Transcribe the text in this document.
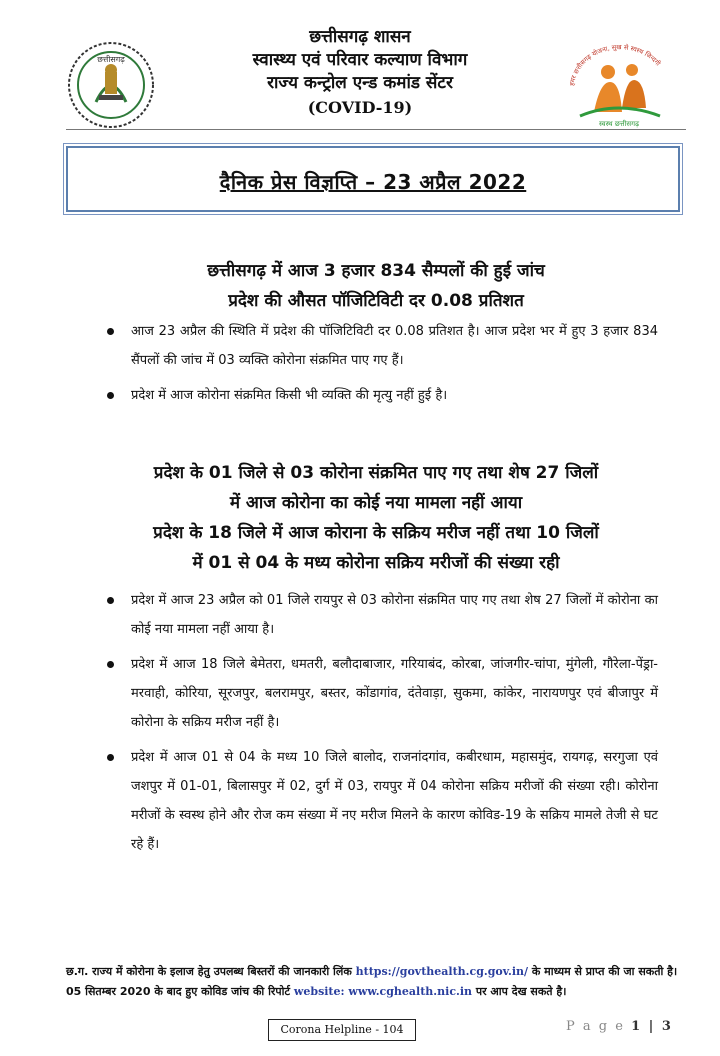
छत्तीसगढ़
छत्तीसगढ़ शासन
स्वास्थ्य एवं परिवार कल्याण विभाग
राज्य कन्ट्रोल एन्ड कमांड सेंटर
(COVID-19)
हमर छत्तीसगढ़ योजना, सुख से स्वस्थ जिन्दगी
स्वस्थ छत्तीसगढ़
दैनिक प्रेस विज्ञप्ति – 23 अप्रैल 2022
छत्तीसगढ़ में आज 3 हजार 834 सैम्पलों की हुई जांच
प्रदेश की औसत पॉजिटिविटी दर 0.08 प्रतिशत
आज 23 अप्रैल की स्थिति में प्रदेश की पॉजिटिविटी दर 0.08 प्रतिशत है। आज प्रदेश भर में हुए 3 हजार 834 सैंपलों की जांच में 03 व्यक्ति कोरोना संक्रमित पाए गए हैं।
प्रदेश में आज कोरोना संक्रमित किसी भी व्यक्ति की मृत्यु नहीं हुई है।
प्रदेश के 01 जिले से 03 कोरोना संक्रमित पाए गए तथा शेष 27 जिलों
में आज कोरोना का कोई नया मामला नहीं आया
प्रदेश के 18 जिले में आज कोराना के सक्रिय मरीज नहीं तथा 10 जिलों
में 01 से 04 के मध्य कोरोना सक्रिय मरीजों की संख्या रही
प्रदेश में आज 23 अप्रैल को 01 जिले रायपुर से 03 कोरोना संक्रमित पाए गए तथा शेष 27 जिलों में कोरोना का कोई नया मामला नहीं आया है।
प्रदेश में आज 18 जिले बेमेतरा, धमतरी, बलौदाबाजार, गरियाबंद, कोरबा, जांजगीर-चांपा, मुंगेली, गौरेला-पेंड्रा-मरवाही, कोरिया, सूरजपुर, बलरामपुर, बस्तर, कोंडागांव, दंतेवाड़ा, सुकमा, कांकेर, नारायणपुर एवं बीजापुर में कोरोना के सक्रिय मरीज नहीं है।
प्रदेश में आज 01 से 04 के मध्य 10 जिले बालोद, राजनांदगांव, कबीरधाम, महासमुंद, रायगढ़, सरगुजा एवं जशपुर में 01-01, बिलासपुर में 02, दुर्ग में 03, रायपुर में 04 कोरोना सक्रिय मरीजों की संख्या रही। कोरोना मरीजों के स्वस्थ होने और रोज कम संख्या में नए मरीज मिलने के कारण कोविड-19 के सक्रिय मामले तेजी से घट रहे हैं।
छ.ग. राज्य में कोरोना के इलाज हेतु उपलब्ध बिस्तरों की जानकारी लिंक https://govthealth.cg.gov.in/ के माध्यम से प्राप्त की जा सकती है।
05 सितम्बर 2020 के बाद हुए कोविड जांच की रिपोर्ट website: www.cghealth.nic.in पर आप देख सकते है।
Corona Helpline - 104	P a g e 1 | 3
